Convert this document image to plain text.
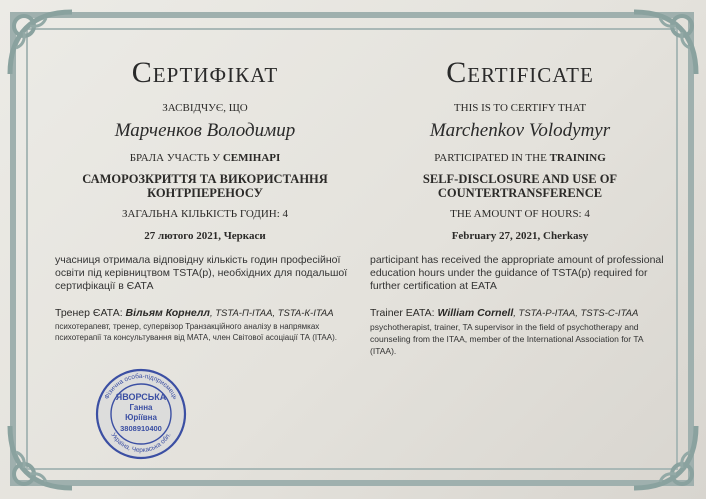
Сертифікат
ЗАСВІДЧУЄ, ЩО
Марченков Володимир
БРАЛА УЧАСТЬ У СЕМІНАРІ
САМОРОЗКРИТТЯ ТА ВИКОРИСТАННЯ
КОНТРПЕРЕНОСУ
ЗАГАЛЬНА КІЛЬКІСТЬ ГОДИН: 4
27 лютого 2021, Черкаси
учасниця отримала відповідну кількість годин професійної освіти під керівництвом TSTA(p), необхідних для подальшої сертифікації в ЄАТА
Тренер ЄАТА: Вільям Корнелл, TSTA-П-ITAA, TSTA-К-ITAA
психотерапевт, тренер, супервізор Транзакційного аналізу в напрямках психотерапії та консультування від МАТА, член Світової асоціації ТА (ITAA).
Certificate
THIS IS TO CERTIFY THAT
Marchenkov Volodymyr
PARTICIPATED IN THE TRAINING
SELF-DISCLOSURE AND USE OF
COUNTERTRANSFERENCE
THE AMOUNT OF HOURS: 4
February 27, 2021, Cherkasy
participant has received the appropriate amount of professional education hours under the guidance of TSTA(p) required for further certification at EATA
Trainer EATA: William Cornell, TSTA-P-ITAA, TSTS-C-ITAA
psychotherapist, trainer, TA supervisor in the field of psychotherapy and counseling from the ITAA, member of the International Association for TA (ITAA).
Фізична особа-підприємець
Україна, Черкаська обл.
ЯВОРСЬКА
Ганна
Юріївна
3808910400
